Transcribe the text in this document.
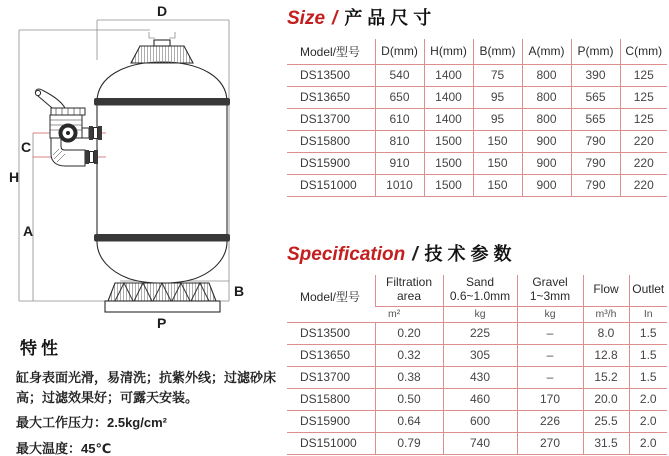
D
H
C
A
B
P
特性

缸身表面光滑，易清洗；抗紫外线；过滤砂床高；过滤效果好；可露天安装。

最大工作压力：2.5kg/cm²

最大温度：45℃

Size / 产品尺寸
Model/型号	D(mm)	H(mm)	B(mm)	A(mm)	P(mm)	C(mm)
DS13500	540	1400	75	800	390	125
DS13650	650	1400	95	800	565	125
DS13700	610	1400	95	800	565	125
DS15800	810	1500	150	900	790	220
DS15900	910	1500	150	900	790	220
DS151000	1010	1500	150	900	790	220
Specification / 技术参数
Model/型号	Filtration area	Sand 0.6~1.0mm	Gravel 1~3mm	Flow	Outlet
	m²	kg	kg	m³/h	In
DS13500	0.20	225	–	8.0	1.5
DS13650	0.32	305	–	12.8	1.5
DS13700	0.38	430	–	15.2	1.5
DS15800	0.50	460	170	20.0	2.0
DS15900	0.64	600	226	25.5	2.0
DS151000	0.79	740	270	31.5	2.0
